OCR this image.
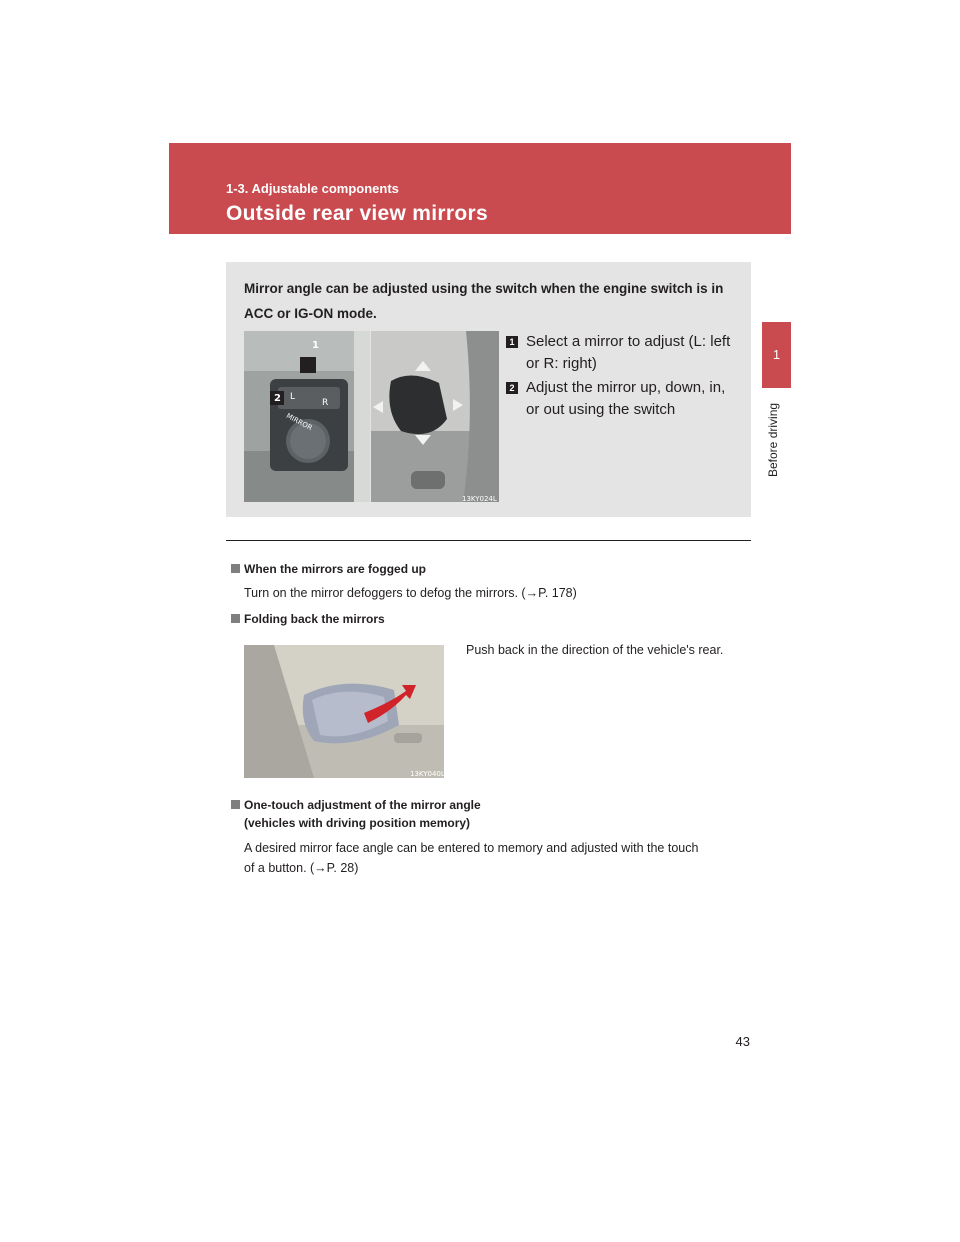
1-3. Adjustable components
Outside rear view mirrors
1
Before driving
Mirror angle can be adjusted using the switch when the engine switch is in ACC or IG-ON mode.
1
2 L
R
MIRROR
13KY024L
1 Select a mirror to adjust (L: left or R: right)
2 Adjust the mirror up, down, in, or out using the switch
When the mirrors are fogged up
Turn on the mirror defoggers to defog the mirrors. (→P. 178)
Folding back the mirrors
Push back in the direction of the vehicle's rear.
13KY040L
One-touch adjustment of the mirror angle
(vehicles with driving position memory)
A desired mirror face angle can be entered to memory and adjusted with the touch
of a button. (→P. 28)
43
